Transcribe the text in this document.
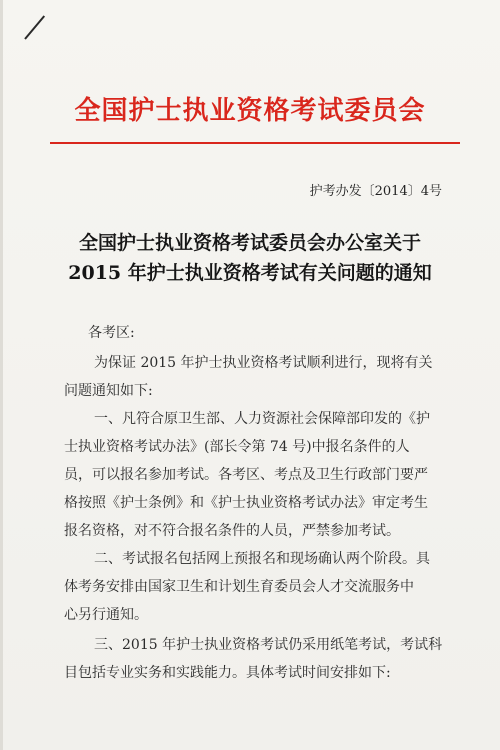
全国护士执业资格考试委员会
护考办发〔2014〕4号
全国护士执业资格考试委员会办公室关于
2015 年护士执业资格考试有关问题的通知
各考区:
为保证 2015 年护士执业资格考试顺利进行，现将有关
问题通知如下:
一、凡符合原卫生部、人力资源社会保障部印发的《护
士执业资格考试办法》(部长令第 74 号)中报名条件的人
员，可以报名参加考试。各考区、考点及卫生行政部门要严
格按照《护士条例》和《护士执业资格考试办法》审定考生
报名资格，对不符合报名条件的人员，严禁参加考试。
二、考试报名包括网上预报名和现场确认两个阶段。具
体考务安排由国家卫生和计划生育委员会人才交流服务中
心另行通知。
三、2015 年护士执业资格考试仍采用纸笔考试，考试科
目包括专业实务和实践能力。具体考试时间安排如下:
